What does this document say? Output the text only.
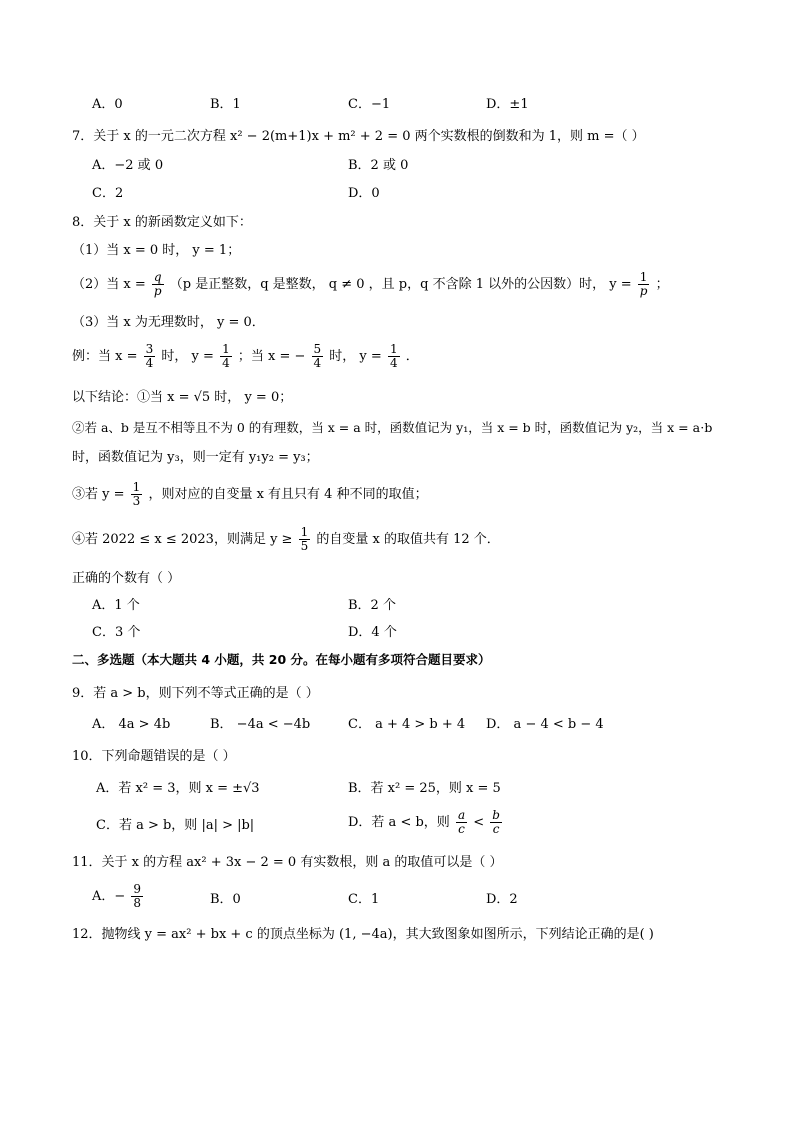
A．0	B．1	C．−1	D．±1
7．关于 x 的一元二次方程 x² − 2(m+1)x + m² + 2 = 0 两个实数根的倒数和为 1，则 m =（ ）
A．−2 或 0	B．2 或 0
C．2	D．0
8．关于 x 的新函数定义如下：
（1）当 x = 0 时， y = 1；
（2）当 $x = \frac{q}{p} (p$ 是正整数，q 是整数， q ≠ 0 ，且 p，q 不含除 1 以外的公因数）时， $y = \frac{1}{p}$ ；
（3）当 x 为无理数时， y = 0．
例：当 $x = \frac{3}{4}$ 时， $y = \frac{1}{4}$ ；当 x = − $\frac{5}{4}$ 时， $y = \frac{1}{4}$ ．
以下结论：①当 x = √5 时， y = 0；
②若 a、b 是互不相等且不为 0 的有理数，当 x = a 时，函数值记为 y₁，当 x = b 时，函数值记为 y₂，当 x = a⋅b
时，函数值记为 y₃，则一定有 y₁y₂ = y₃；
③若 $y = \frac{1}{3}$ ，则对应的自变量 x 有且只有 4 种不同的取值；
④若 2022 ≤ x ≤ 2023，则满足 $y \ge \frac{1}{5}$ 的自变量 x 的取值共有 12 个．
正确的个数有（ ）
A．1 个	B．2 个
C．3 个	D．4 个
二、多选题（本大题共 4 小题，共 20 分。在每小题有多项符合题目要求）
9．若 a > b，则下列不等式正确的是（ ）
A． 4a > 4b	B． −4a < −4b	C． a + 4 > b + 4 D． a − 4 < b − 4
10．下列命题错误的是（ ）
A．若 x² = 3，则 x = ±√3	B．若 x² = 25，则 x = 5
C．若 a > b，则 |a| > |b|	D．若 a < b，则 $\frac{a}{c} < \frac{b}{c}$
11．关于 x 的方程 ax² + 3x − 2 = 0 有实数根，则 a 的取值可以是（ ）
A．− $\frac{9}{8}$	B．0	C．1	D．2
12．抛物线 y = ax² + bx + c 的顶点坐标为 (1, −4a)，其大致图象如图所示，下列结论正确的是( )
